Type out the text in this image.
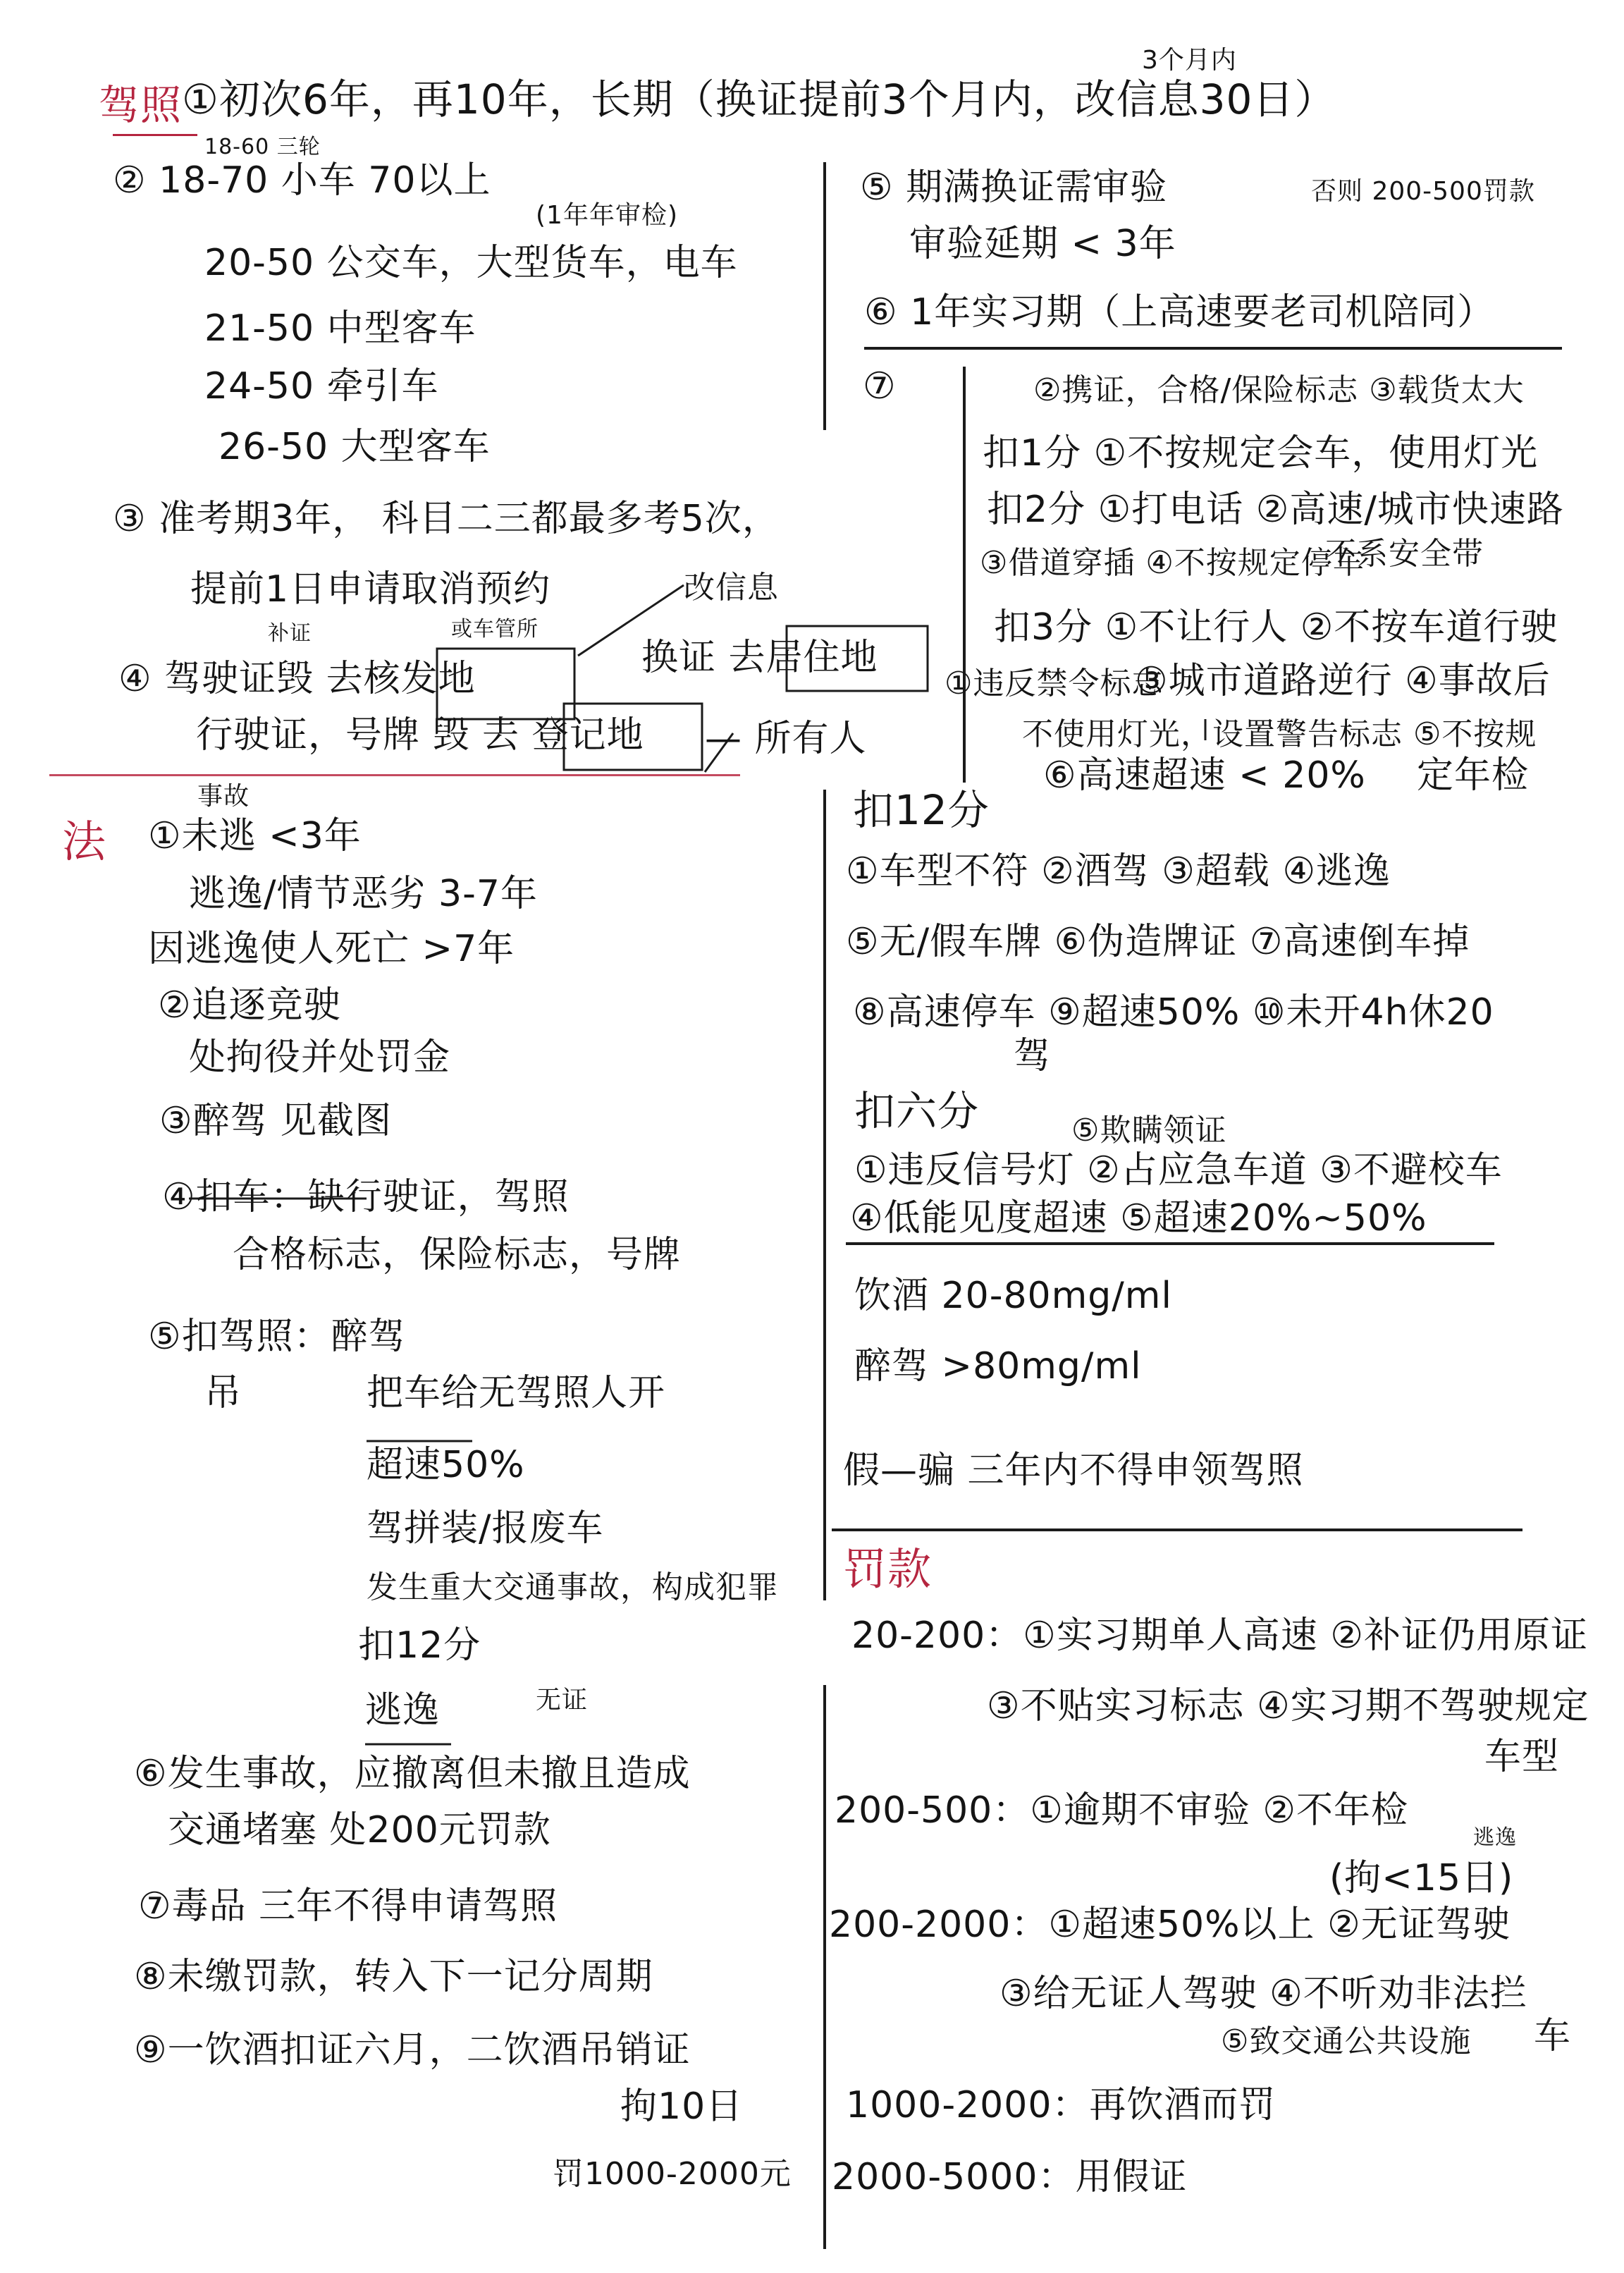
驾照
3个月内
①初次6年，再10年，长期（换证提前3个月内，改信息30日）
18-60 三轮
② 18-70 小车 70以上
(1年年审检)
20-50 公交车，大型货车，电车
21-50 中型客车
24-50 牵引车
26-50 大型客车
③ 准考期3年， 科目二三都最多考5次，
提前1日申请取消预约	改信息
补证	或车管所
④ 驾驶证毁 去核发地	换证 去居住地
行驶证，号牌 毁 去 登记地 — 所有人
⑤ 期满换证需审验	否则 200-500罚款
审验延期 < 3年
⑥ 1年实习期（上高速要老司机陪同）
⑦	②携证，合格/保险标志 ③载货太大
扣1分 ①不按规定会车，使用灯光
扣2分 ①打电话 ②高速/城市快速路
③借道穿插 ④不按规定停车
不系安全带
扣3分 ①不让行人 ②不按车道行驶
①违反禁令标志
③城市道路逆行 ④事故后
不使用灯光，设置警告标志 ⑤不按规
⑥高速超速 < 20% 定年检
扣12分
①车型不符 ②酒驾 ③超载 ④逃逸
⑤无/假车牌 ⑥伪造牌证 ⑦高速倒车掉
⑧高速停车 ⑨超速50% ⑩未开4h休20
驾
扣六分	⑤欺瞒领证
①违反信号灯 ②占应急车道 ③不避校车
④低能见度超速 ⑤超速20%~50%
饮酒 20-80mg/ml
醉驾 >80mg/ml
假—骗 三年内不得申领驾照
法
事故
①未逃 <3年
逃逸/情节恶劣 3-7年
因逃逸使人死亡 >7年
②追逐竞驶
处拘役并处罚金
③醉驾 见截图
④扣车：缺行驶证，驾照
合格标志，保险标志，号牌
⑤扣驾照：醉驾
吊	把车给无驾照人开
超速50%
驾拼装/报废车
发生重大交通事故，构成犯罪
扣12分
逃逸	无证
⑥发生事故，应撤离但未撤且造成
交通堵塞 处200元罚款
⑦毒品 三年不得申请驾照
⑧未缴罚款，转入下一记分周期
⑨一饮酒扣证六月，二饮酒吊销证
拘10日
罚1000-2000元
罚款
20-200：①实习期单人高速 ②补证仍用原证
③不贴实习标志 ④实习期不驾驶规定
车型
200-500：①逾期不审验 ②不年检
逃逸
(拘<15日)
200-2000：①超速50%以上 ②无证驾驶
③给无证人驾驶 ④不听劝非法拦
车
⑤致交通公共设施
1000-2000：再饮酒而罚
2000-5000：用假证
